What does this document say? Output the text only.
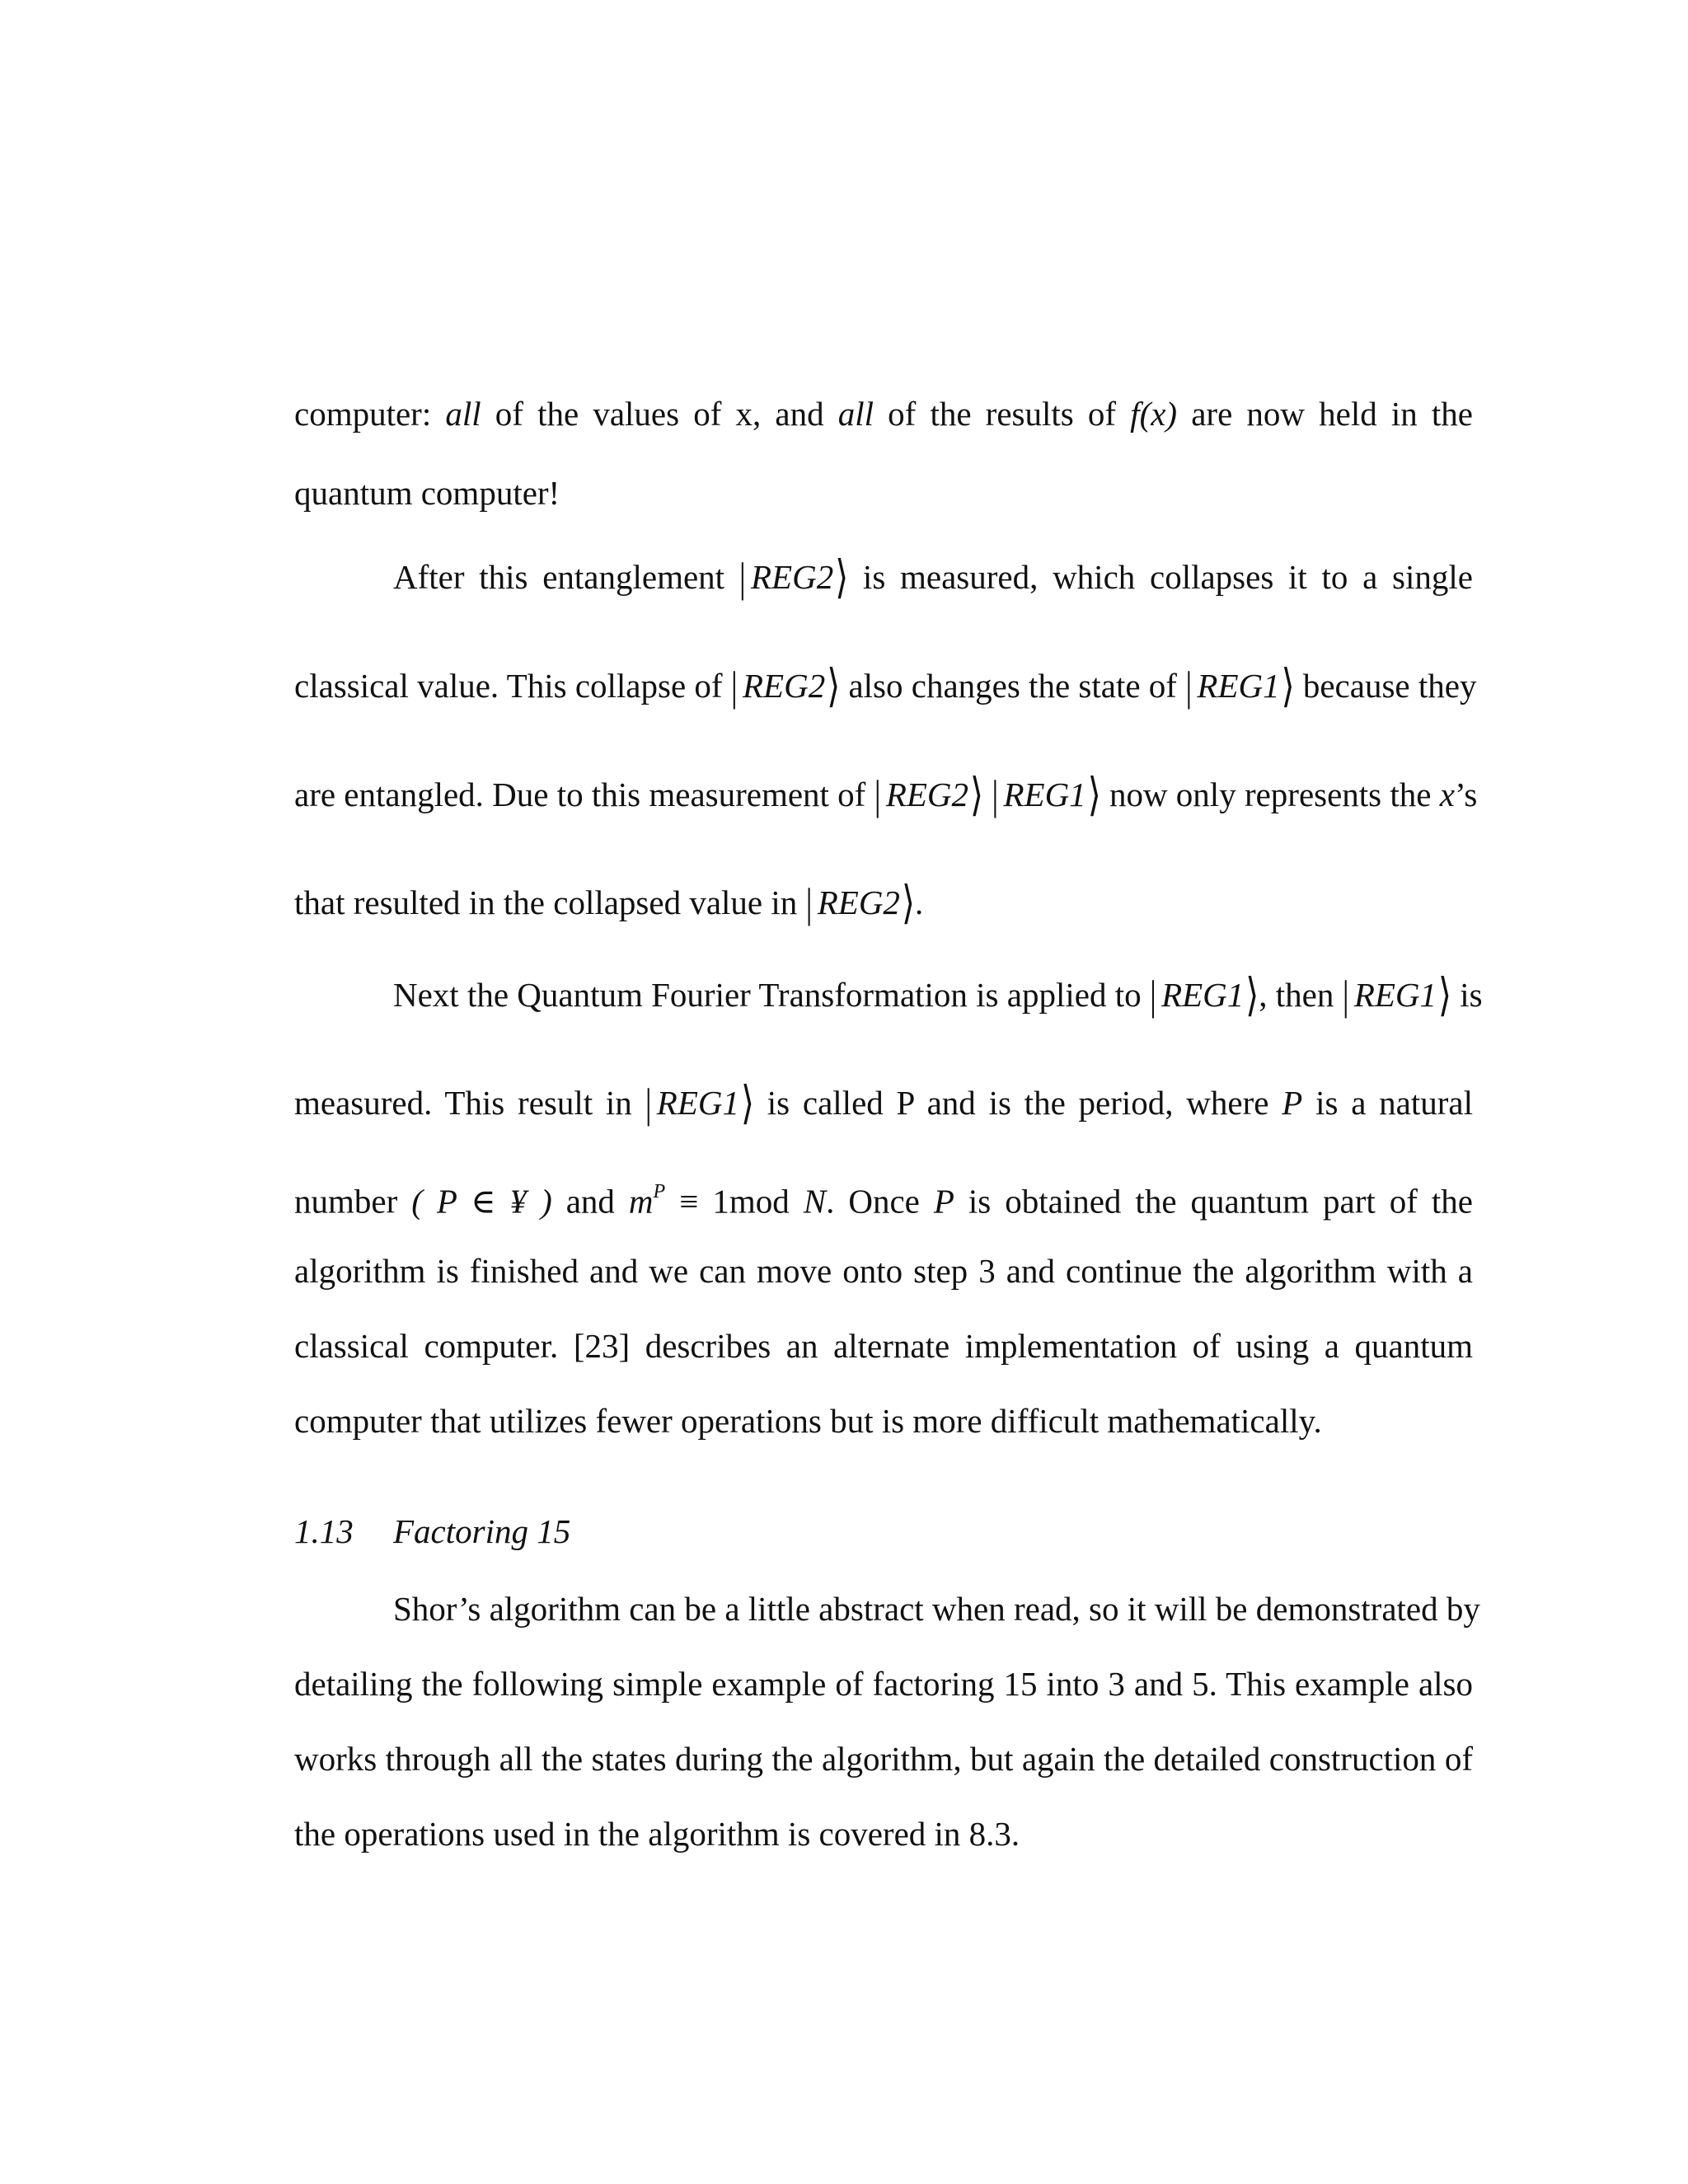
computer: all of the values of x, and all of the results of f(x) are now held in the
quantum computer!
After this entanglement | REG2⟩ is measured, which collapses it to a single
classical value. This collapse of | REG2⟩ also changes the state of | REG1⟩ because they
are entangled. Due to this measurement of | REG2⟩ | REG1⟩ now only represents the x’s
that resulted in the collapsed value in | REG2⟩.
Next the Quantum Fourier Transformation is applied to | REG1⟩, then | REG1⟩ is
measured. This result in | REG1⟩ is called P and is the period, where P is a natural
number ( P ∈ ¥ ) and $m^P \equiv 1mod$ N. Once P is obtained the quantum part of the
algorithm is finished and we can move onto step 3 and continue the algorithm with a
classical computer. [23] describes an alternate implementation of using a quantum
computer that utilizes fewer operations but is more difficult mathematically.
1.13 Factoring 15
Shor’s algorithm can be a little abstract when read, so it will be demonstrated by
detailing the following simple example of factoring 15 into 3 and 5. This example also
works through all the states during the algorithm, but again the detailed construction of
the operations used in the algorithm is covered in 8.3.
